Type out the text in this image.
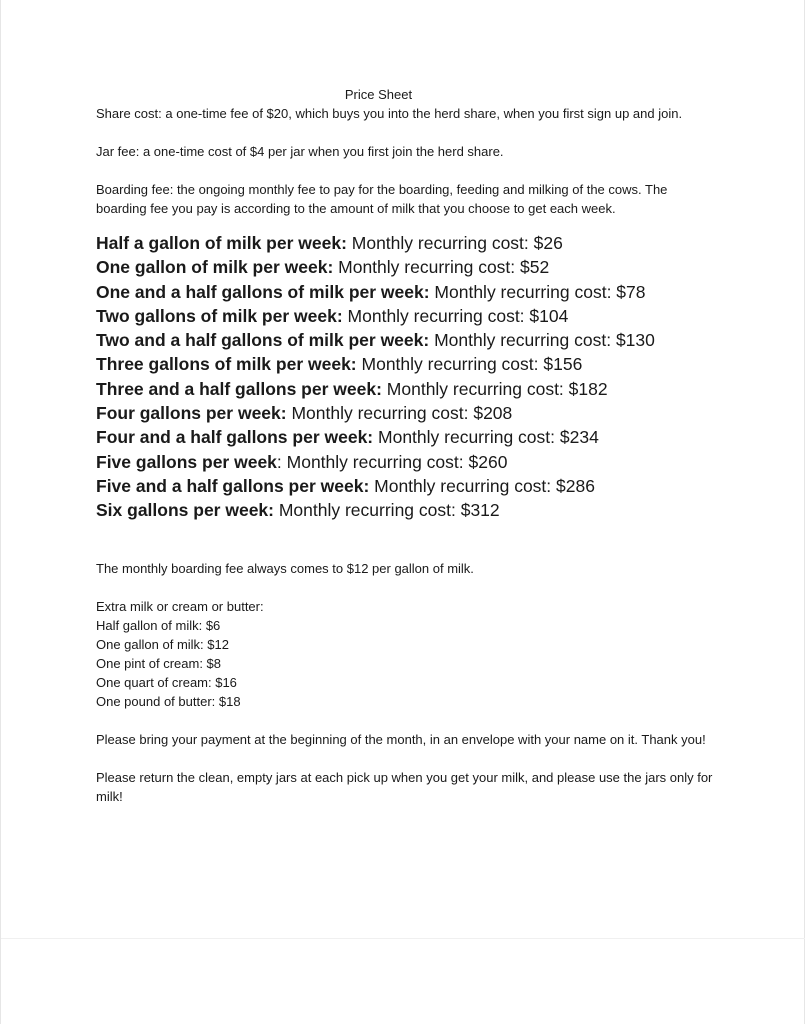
Price Sheet

Share cost: a one-time fee of $20, which buys you into the herd share, when you first sign up and join.

Jar fee: a one-time cost of $4 per jar when you first join the herd share.

Boarding fee: the ongoing monthly fee to pay for the boarding, feeding and milking of the cows. The boarding fee you pay is according to the amount of milk that you choose to get each week.

Half a gallon of milk per week: Monthly recurring cost: $26
One gallon of milk per week: Monthly recurring cost: $52
One and a half gallons of milk per week: Monthly recurring cost: $78
Two gallons of milk per week: Monthly recurring cost: $104
Two and a half gallons of milk per week: Monthly recurring cost: $130
Three gallons of milk per week: Monthly recurring cost: $156
Three and a half gallons per week: Monthly recurring cost: $182
Four gallons per week: Monthly recurring cost: $208
Four and a half gallons per week: Monthly recurring cost: $234
Five gallons per week: Monthly recurring cost: $260
Five and a half gallons per week: Monthly recurring cost: $286
Six gallons per week: Monthly recurring cost: $312

The monthly boarding fee always comes to $12 per gallon of milk.

Extra milk or cream or butter:

Half gallon of milk: $6
One gallon of milk: $12
One pint of cream: $8
One quart of cream: $16
One pound of butter: $18

Please bring your payment at the beginning of the month, in an envelope with your name on it. Thank you!

Please return the clean, empty jars at each pick up when you get your milk, and please use the jars only for milk!
